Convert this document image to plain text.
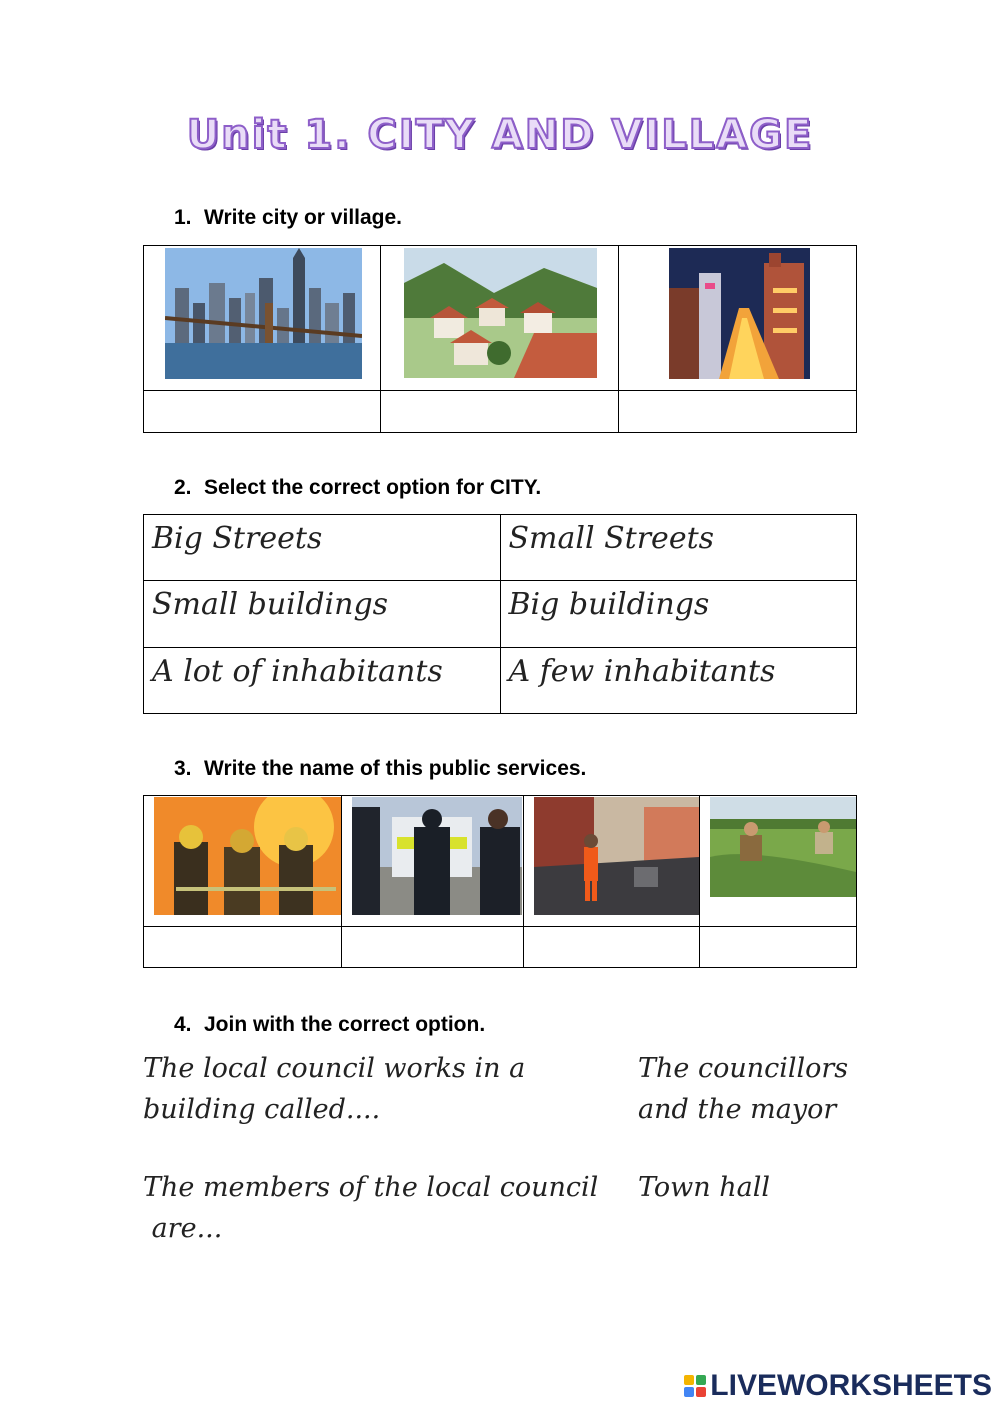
Unit 1. CITY AND VILLAGE
1. Write city or village.

2. Select the correct option for CITY.
Big Streets	Small Streets

Small buildings	Big buildings

A lot of inhabitants	A few inhabitants
3. Write the name of this public services.

4. Join with the correct option.
The local council works in a
building called....
The members of the local council
are...
The councillors
and the mayor
Town hall
LIVEWORKSHEETS
